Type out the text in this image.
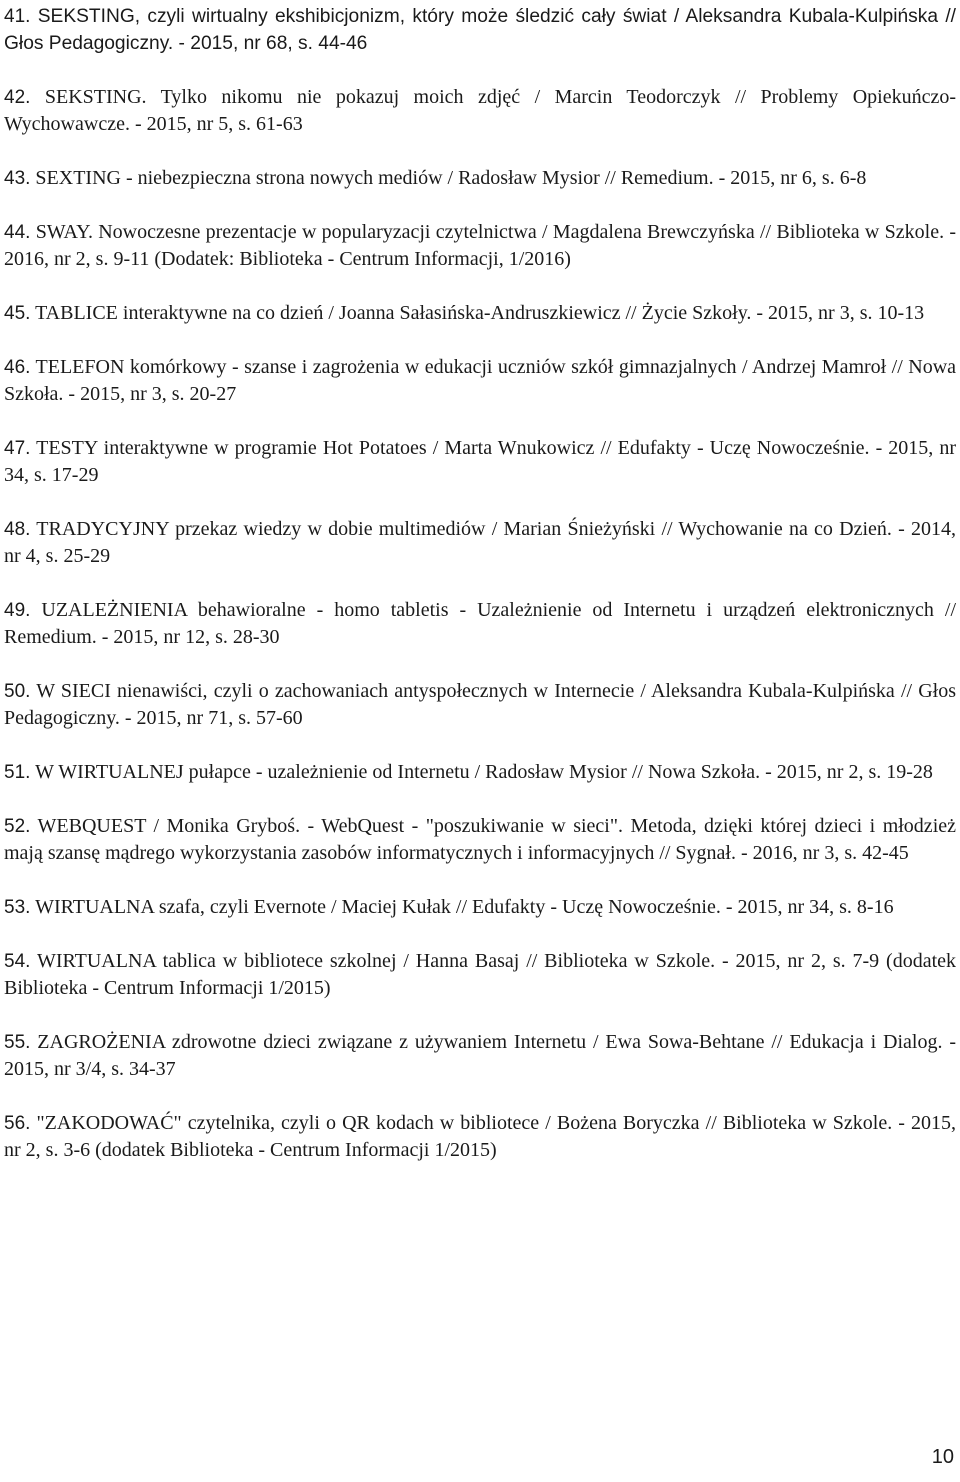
41. SEKSTING, czyli wirtualny ekshibicjonizm, który może śledzić cały świat / Aleksandra Kubala-Kulpińska // Głos Pedagogiczny. - 2015, nr 68, s. 44-46

42. SEKSTING. Tylko nikomu nie pokazuj moich zdjęć / Marcin Teodorczyk // Problemy Opiekuńczo-Wychowawcze. - 2015, nr 5, s. 61-63

43. SEXTING - niebezpieczna strona nowych mediów / Radosław Mysior // Remedium. - 2015, nr 6, s. 6-8

44. SWAY. Nowoczesne prezentacje w popularyzacji czytelnictwa / Magdalena Brewczyńska // Biblioteka w Szkole. - 2016, nr 2, s. 9-11 (Dodatek: Biblioteka - Centrum Informacji, 1/2016)

45. TABLICE interaktywne na co dzień / Joanna Sałasińska-Andruszkiewicz // Życie Szkoły. - 2015, nr 3, s. 10-13

46. TELEFON komórkowy - szanse i zagrożenia w edukacji uczniów szkół gimnazjalnych / Andrzej Mamroł // Nowa Szkoła. - 2015, nr 3, s. 20-27

47. TESTY interaktywne w programie Hot Potatoes / Marta Wnukowicz // Edufakty - Uczę Nowocześnie. - 2015, nr 34, s. 17-29

48. TRADYCYJNY przekaz wiedzy w dobie multimediów / Marian Śnieżyński // Wychowanie na co Dzień. - 2014, nr 4, s. 25-29

49. UZALEŻNIENIA behawioralne - homo tabletis - Uzależnienie od Internetu i urządzeń elektronicznych // Remedium. - 2015, nr 12, s. 28-30

50. W SIECI nienawiści, czyli o zachowaniach antyspołecznych w Internecie / Aleksandra Kubala-Kulpińska // Głos Pedagogiczny. - 2015, nr 71, s. 57-60

51. W WIRTUALNEJ pułapce - uzależnienie od Internetu / Radosław Mysior // Nowa Szkoła. - 2015, nr 2, s. 19-28

52. WEBQUEST / Monika Gryboś. - WebQuest - "poszukiwanie w sieci". Metoda, dzięki której dzieci i młodzież mają szansę mądrego wykorzystania zasobów informatycznych i informacyjnych // Sygnał. - 2016, nr 3, s. 42-45

53. WIRTUALNA szafa, czyli Evernote / Maciej Kułak // Edufakty - Uczę Nowocześnie. - 2015, nr 34, s. 8-16

54. WIRTUALNA tablica w bibliotece szkolnej / Hanna Basaj // Biblioteka w Szkole. - 2015, nr 2, s. 7-9 (dodatek Biblioteka - Centrum Informacji 1/2015)

55. ZAGROŻENIA zdrowotne dzieci związane z używaniem Internetu / Ewa Sowa-Behtane // Edukacja i Dialog. - 2015, nr 3/4, s. 34-37

56. "ZAKODOWAĆ" czytelnika, czyli o QR kodach w bibliotece / Bożena Boryczka // Biblioteka w Szkole. - 2015, nr 2, s. 3-6 (dodatek Biblioteka - Centrum Informacji 1/2015)

10
